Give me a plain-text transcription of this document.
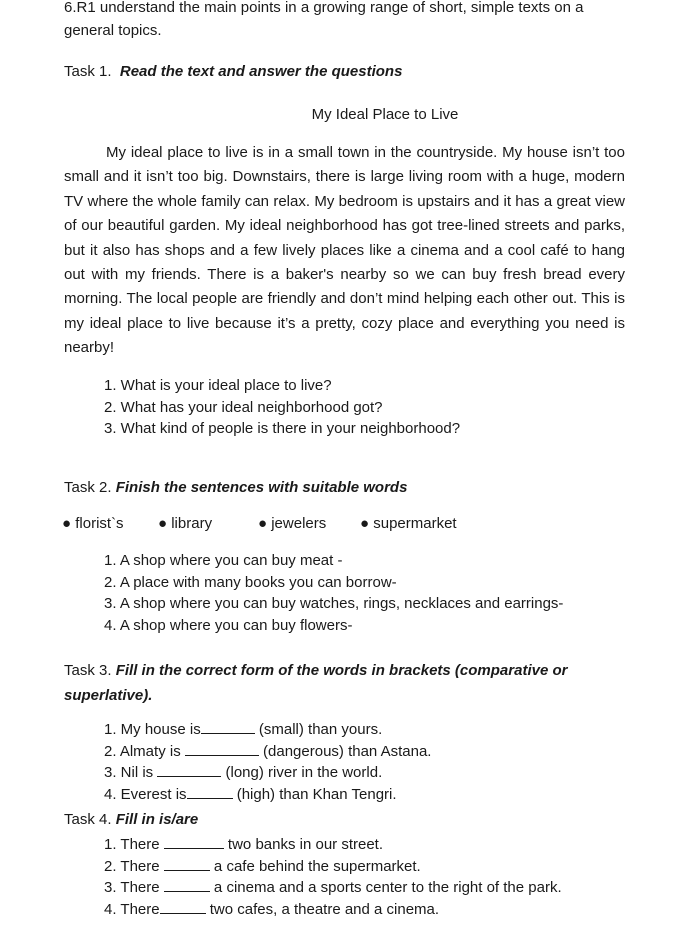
6.R1 understand the main points in a growing range of short, simple texts on a general topics.
Task 1. Read the text and answer the questions
My Ideal Place to Live
My ideal place to live is in a small town in the countryside. My house isn’t too small and it isn’t too big. Downstairs, there is large living room with a huge, modern TV where the whole family can relax. My bedroom is upstairs and it has a great view of our beautiful garden. My ideal neighborhood has got tree-lined streets and parks, but it also has shops and a few lively places like a cinema and a cool café to hang out with my friends. There is a baker's nearby so we can buy fresh bread every morning. The local people are friendly and don’t mind helping each other out. This is my ideal place to live because it’s a pretty, cozy place and everything you need is nearby!
1. What is your ideal place to live?
2. What has your ideal neighborhood got?
3. What kind of people is there in your neighborhood?
Task 2. Finish the sentences with suitable words
● florist`s ● library	● jewelers ● supermarket
1. A shop where you can buy meat -
2. A place with many books you can borrow-
3. A shop where you can buy watches, rings, necklaces and earrings-
4. A shop where you can buy flowers-
Task 3. Fill in the correct form of the words in brackets (comparative or superlative).
1. My house is	(small) than yours.
2. Almaty is	(dangerous) than Astana.
3. Nil is	(long) river in the world.
4. Everest is	(high) than Khan Tengri.
Task 4. Fill in is/are
1. There	two banks in our street.
2. There	a cafe behind the supermarket.
3. There	a cinema and a sports center to the right of the park.
4. There	two cafes, a theatre and a cinema.
